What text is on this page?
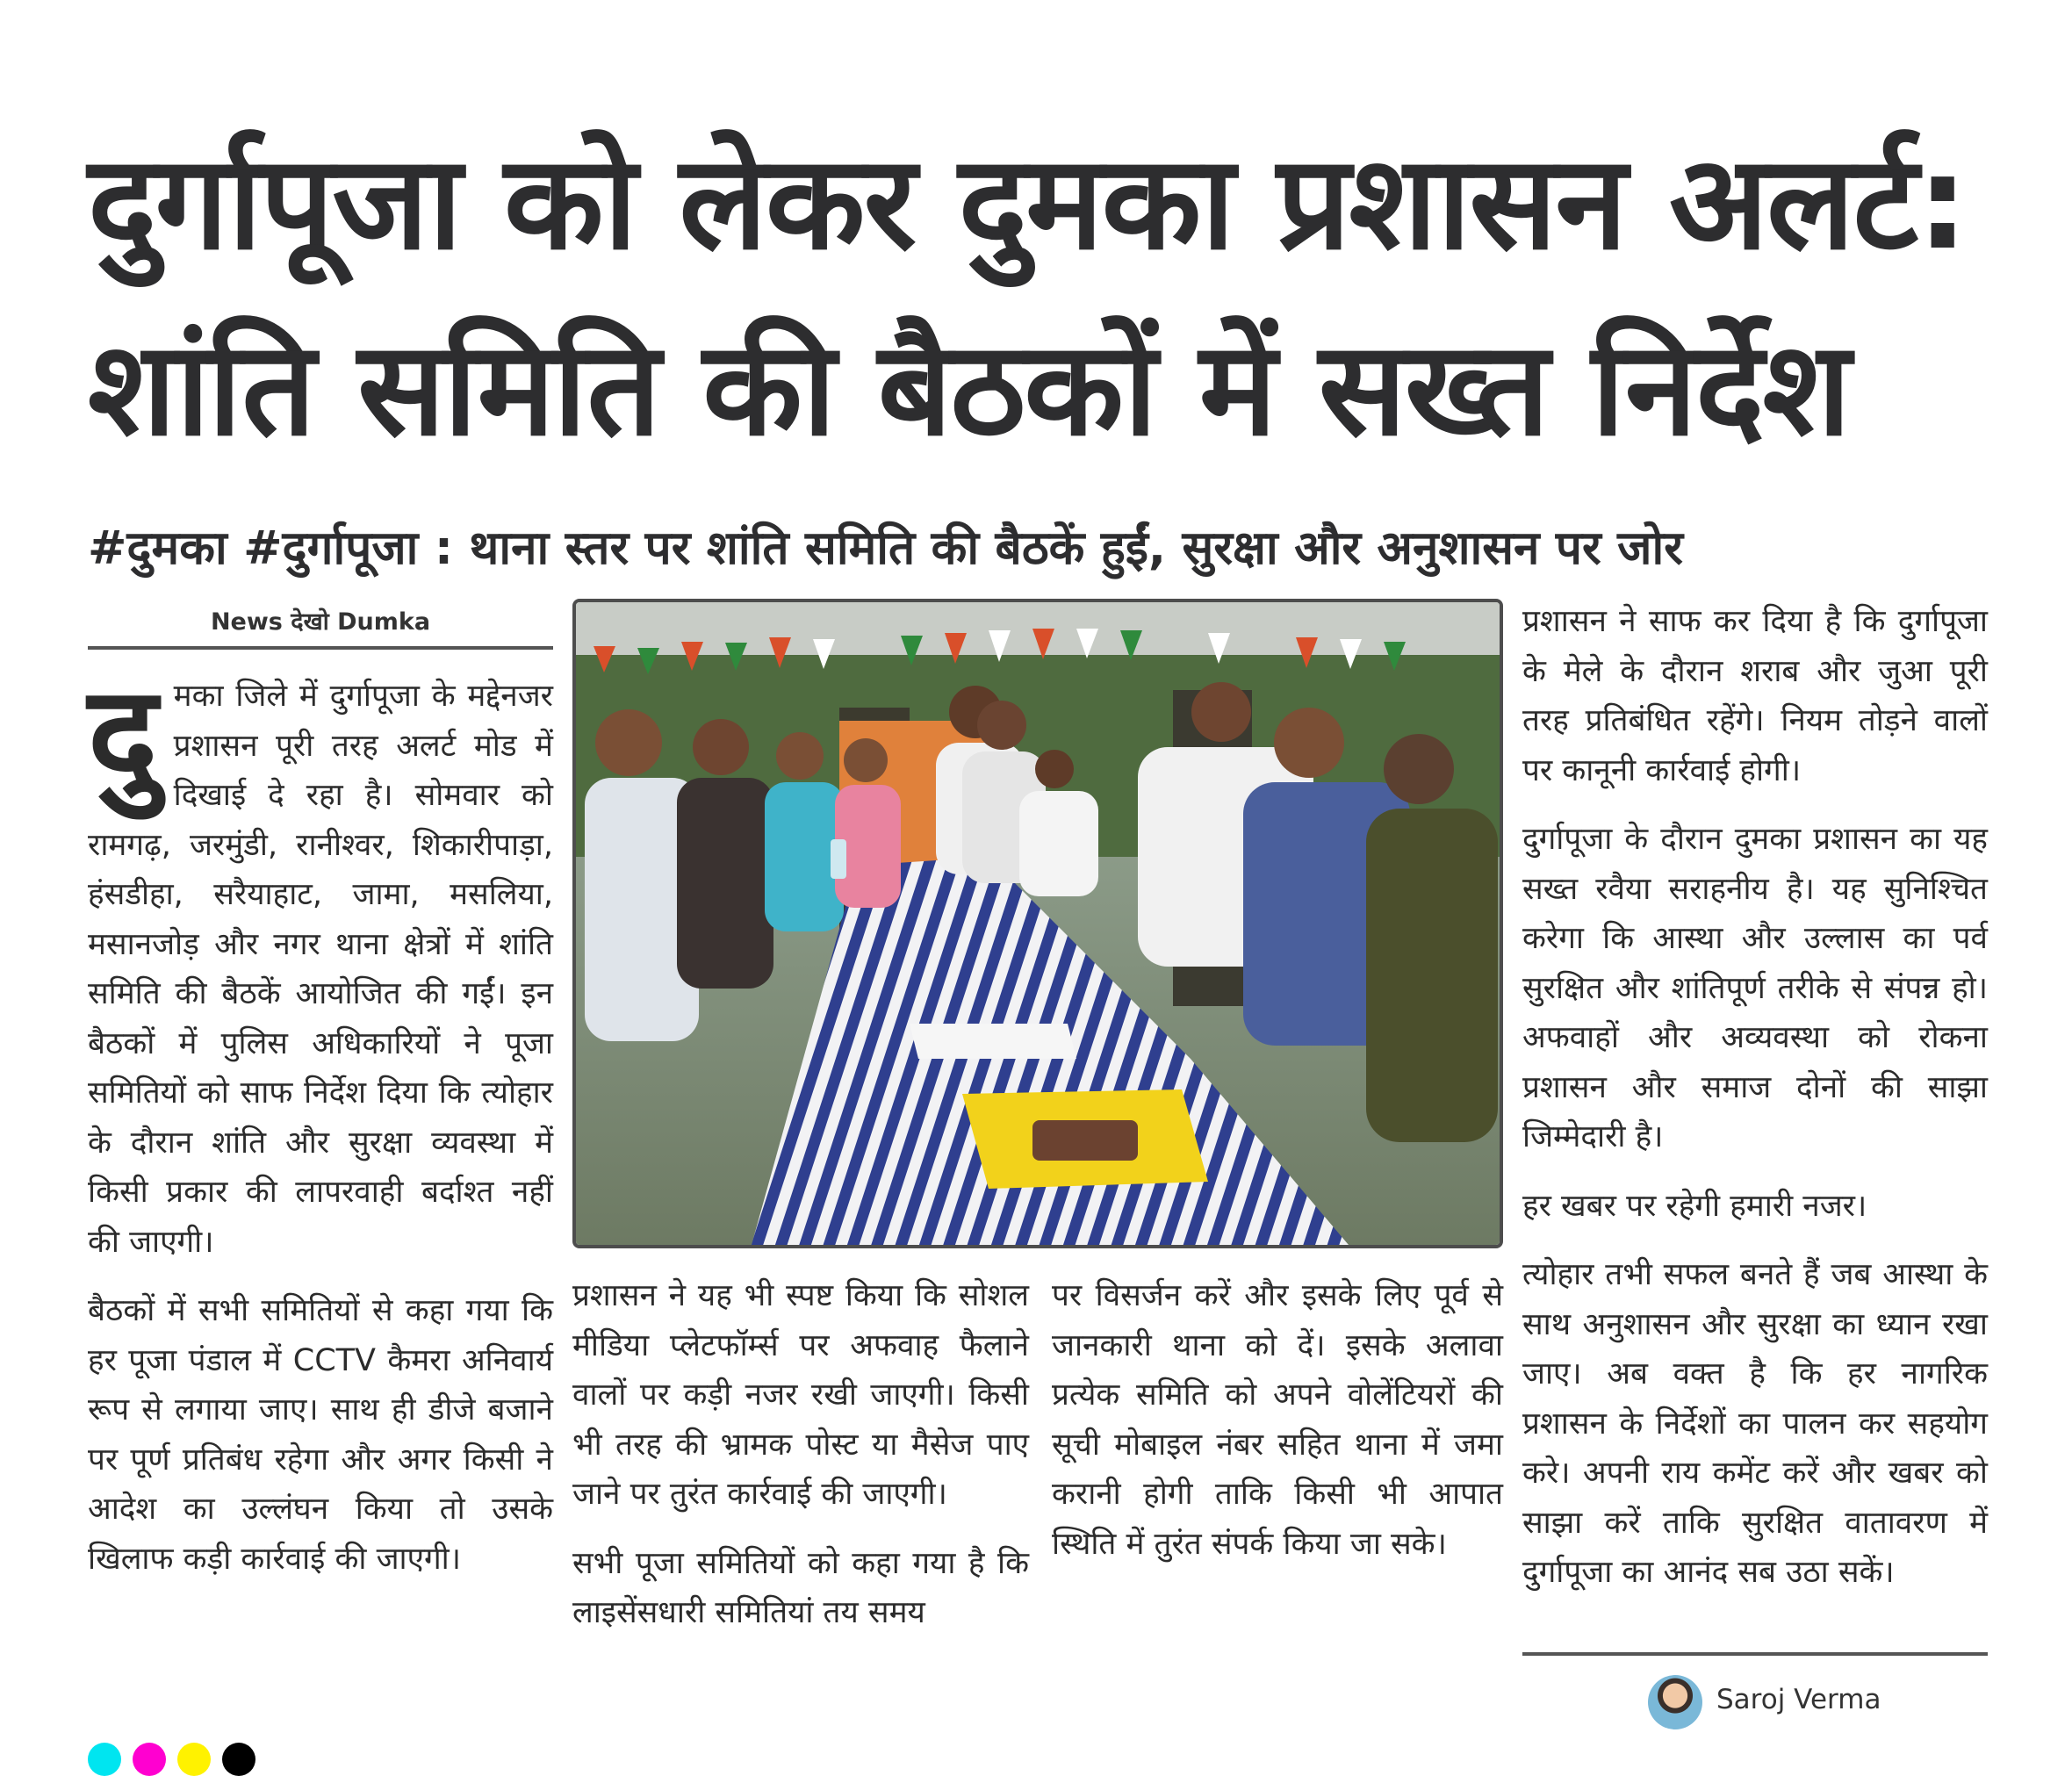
दुर्गापूजा को लेकर दुमका प्रशासन अलर्ट:
शांति समिति की बैठकों में सख्त निर्देश
#दुमका #दुर्गापूजा : थाना स्तर पर शांति समिति की बैठकें हुईं, सुरक्षा और अनुशासन पर जोर
News देखो Dumka

दुमका जिले में दुर्गापूजा के मद्देनजर प्रशासन पूरी तरह अलर्ट मोड में दिखाई दे रहा है। सोमवार को रामगढ़, जरमुंडी, रानीश्वर, शिकारीपाड़ा, हंसडीहा, सरैयाहाट, जामा, मसलिया, मसानजोड़ और नगर थाना क्षेत्रों में शांति समिति की बैठकें आयोजित की गईं। इन बैठकों में पुलिस अधिकारियों ने पूजा समितियों को साफ निर्देश दिया कि त्योहार के दौरान शांति और सुरक्षा व्यवस्था में किसी प्रकार की लापरवाही बर्दाश्त नहीं की जाएगी।

बैठकों में सभी समितियों से कहा गया कि हर पूजा पंडाल में CCTV कैमरा अनिवार्य रूप से लगाया जाए। साथ ही डीजे बजाने पर पूर्ण प्रतिबंध रहेगा और अगर किसी ने आदेश का उल्लंघन किया तो उसके खिलाफ कड़ी कार्रवाई की जाएगी।

प्रशासन ने यह भी स्पष्ट किया कि सोशल मीडिया प्लेटफॉर्म्स पर अफवाह फैलाने वालों पर कड़ी नजर रखी जाएगी। किसी भी तरह की भ्रामक पोस्ट या मैसेज पाए जाने पर तुरंत कार्रवाई की जाएगी।

सभी पूजा समितियों को कहा गया है कि लाइसेंसधारी समितियां तय समय

पर विसर्जन करें और इसके लिए पूर्व से जानकारी थाना को दें। इसके अलावा प्रत्येक समिति को अपने वोलेंटियरों की सूची मोबाइल नंबर सहित थाना में जमा करानी होगी ताकि किसी भी आपात स्थिति में तुरंत संपर्क किया जा सके।

प्रशासन ने साफ कर दिया है कि दुर्गापूजा के मेले के दौरान शराब और जुआ पूरी तरह प्रतिबंधित रहेंगे। नियम तोड़ने वालों पर कानूनी कार्रवाई होगी।

दुर्गापूजा के दौरान दुमका प्रशासन का यह सख्त रवैया सराहनीय है। यह सुनिश्चित करेगा कि आस्था और उल्लास का पर्व सुरक्षित और शांतिपूर्ण तरीके से संपन्न हो। अफवाहों और अव्यवस्था को रोकना प्रशासन और समाज दोनों की साझा जिम्मेदारी है।

हर खबर पर रहेगी हमारी नजर।

त्योहार तभी सफल बनते हैं जब आस्था के साथ अनुशासन और सुरक्षा का ध्यान रखा जाए। अब वक्त है कि हर नागरिक प्रशासन के निर्देशों का पालन कर सहयोग करे। अपनी राय कमेंट करें और खबर को साझा करें ताकि सुरक्षित वातावरण में दुर्गापूजा का आनंद सब उठा सकें।

Saroj Verma
